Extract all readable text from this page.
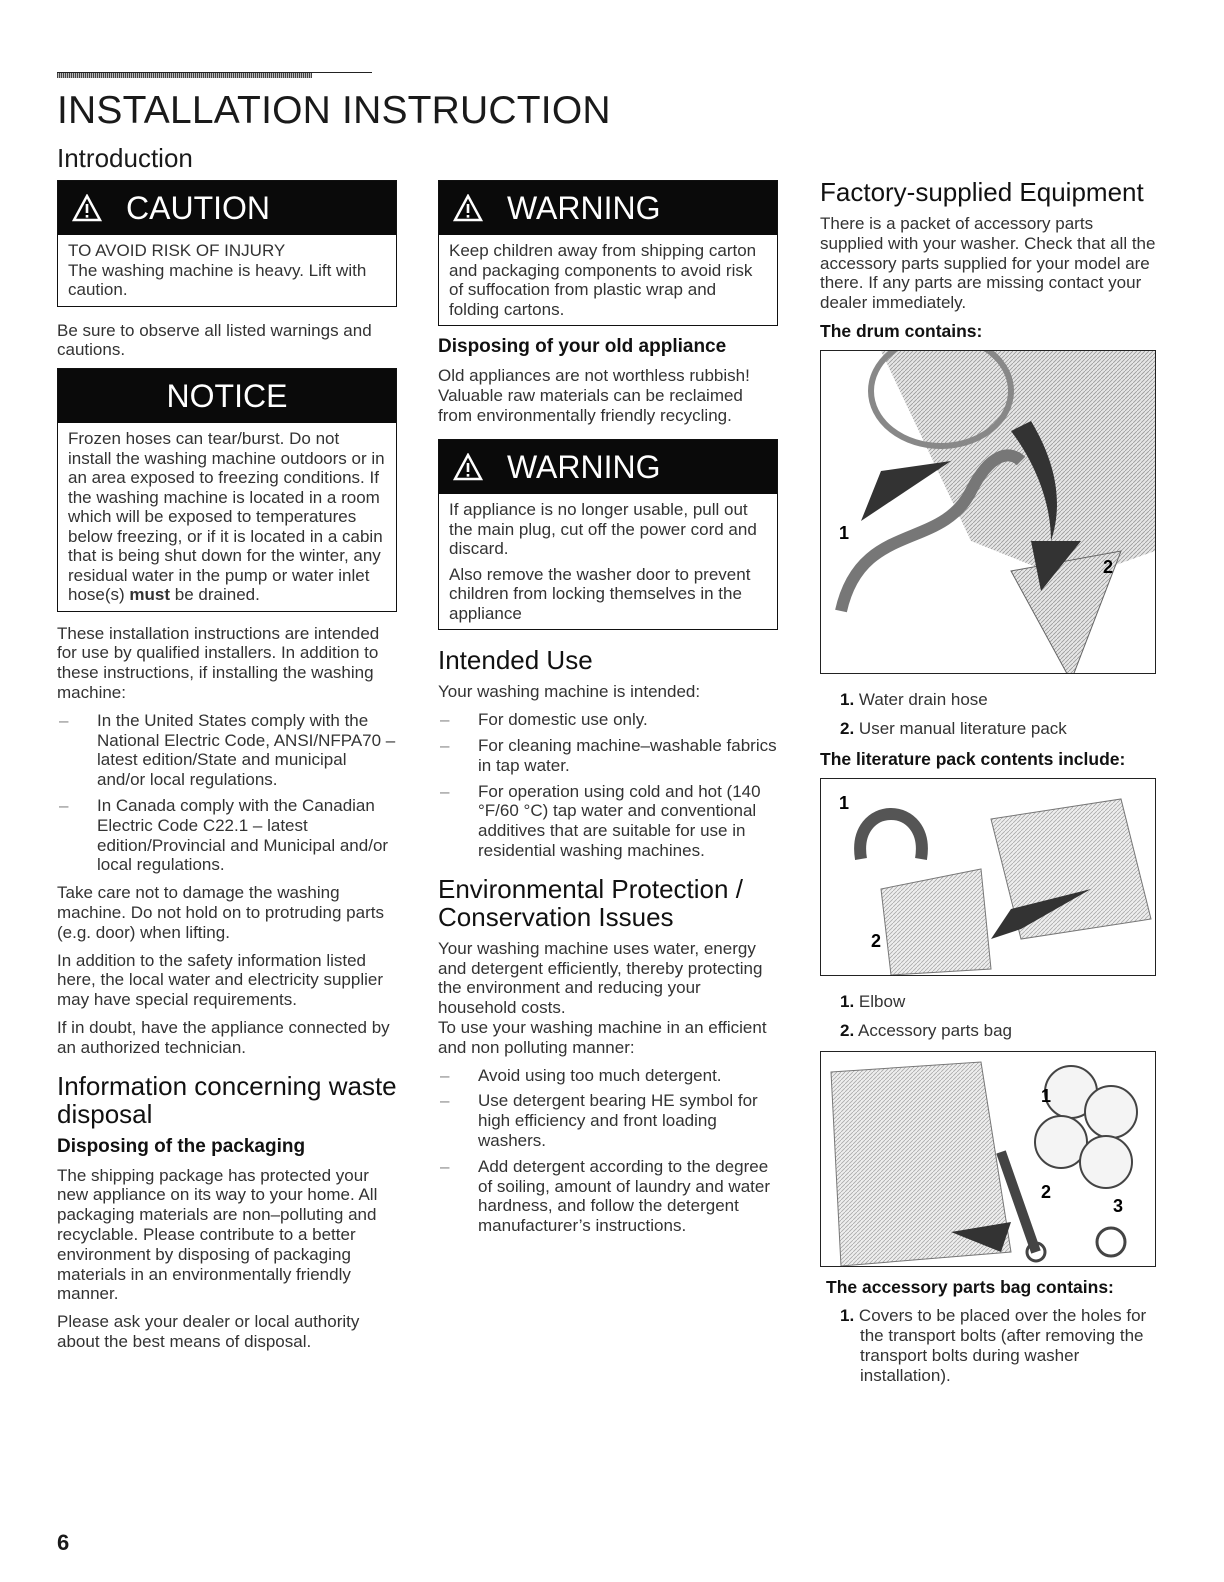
INSTALLATION INSTRUCTION
Introduction
CAUTION
TO AVOID RISK OF INJURY
The washing machine is heavy. Lift with caution.

Be sure to observe all listed warnings and cautions.

NOTICE

Frozen hoses can tear/burst. Do not install the washing machine outdoors or in an area exposed to freezing conditions. If the washing machine is located in a room which will be exposed to temperatures below freezing, or if it is located in a cabin that is being shut down for the winter, any residual water in the pump or water inlet hose(s) must be drained.

These installation instructions are intended for use by qualified installers. In addition to these instructions, if installing the washing machine:

– In the United States comply with the National Electric Code, ANSI/NFPA70 – latest edition/State and municipal and/or local regulations.
– In Canada comply with the Canadian Electric Code C22.1 – latest edition/Provincial and Municipal and/or local regulations.

Take care not to damage the washing machine. Do not hold on to protruding parts (e.g. door) when lifting.

In addition to the safety information listed here, the local water and electricity supplier may have special requirements.

If in doubt, have the appliance connected by an authorized technician.

Information concerning waste disposal
Disposing of the packaging

The shipping package has protected your new appliance on its way to your home. All packaging materials are non–polluting and recyclable. Please contribute to a better environment by disposing of packaging materials in an environmentally friendly manner.

Please ask your dealer or local authority about the best means of disposal.

WARNING

Keep children away from shipping carton and packaging components to avoid risk of suffocation from plastic wrap and folding cartons.

Disposing of your old appliance

Old appliances are not worthless rubbish! Valuable raw materials can be reclaimed from environmentally friendly recycling.

WARNING

If appliance is no longer usable, pull out the main plug, cut off the power cord and discard.

Also remove the washer door to prevent children from locking themselves in the appliance

Intended Use

Your washing machine is intended:

– For domestic use only.
– For cleaning machine–washable fabrics in tap water.
– For operation using cold and hot (140 °F/60 °C) tap water and conventional additives that are suitable for use in residential washing machines.
Environmental Protection / Conservation Issues

Your washing machine uses water, energy and detergent efficiently, thereby protecting the environment and reducing your household costs.

To use your washing machine in an efficient and non polluting manner:

– Avoid using too much detergent.
– Use detergent bearing HE symbol for high efficiency and front loading washers.
– Add detergent according to the degree of soiling, amount of laundry and water hardness, and follow the detergent manufacturer’s instructions.
Factory-supplied Equipment

There is a packet of accessory parts supplied with your washer. Check that all the accessory parts supplied for your model are there. If any parts are missing contact your dealer immediately.

The drum contains:
1
2
1. Water drain hose
2. User manual literature pack
The literature pack contents include:
1
2
1. Elbow
2. Accessory parts bag
1
2
3
The accessory parts bag contains:
1. Covers to be placed over the holes for the transport bolts (after removing the transport bolts during washer installation).
6
